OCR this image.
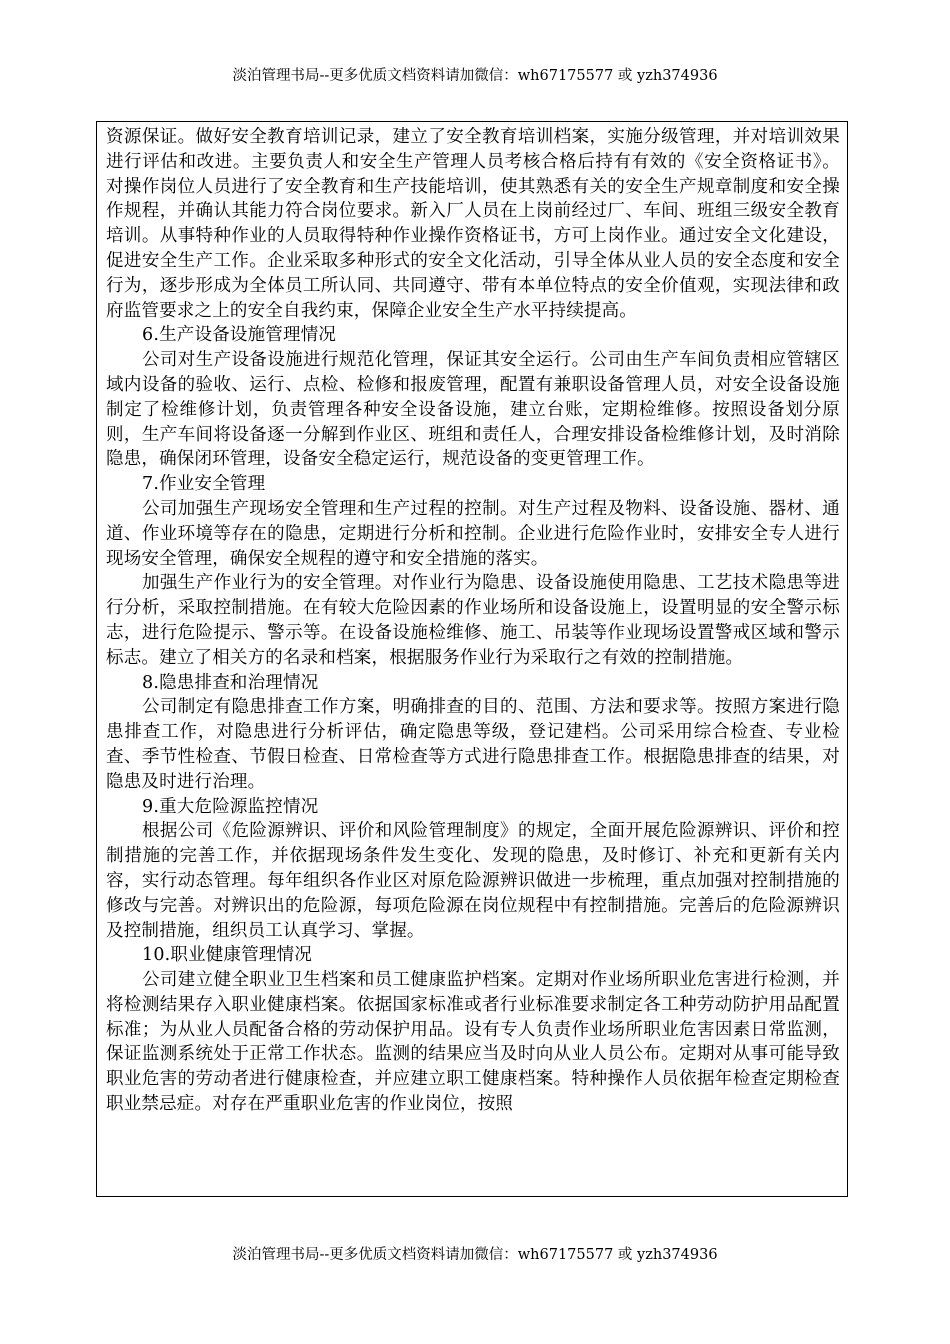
淡泊管理书局--更多优质文档资料请加微信：wh67175577 或 yzh374936

资源保证。做好安全教育培训记录，建立了安全教育培训档案，实施分级管理，并对培训效果进行评估和改进。主要负责人和安全生产管理人员考核合格后持有有效的《安全资格证书》。对操作岗位人员进行了安全教育和生产技能培训，使其熟悉有关的安全生产规章制度和安全操作规程，并确认其能力符合岗位要求。新入厂人员在上岗前经过厂、车间、班组三级安全教育培训。从事特种作业的人员取得特种作业操作资格证书，方可上岗作业。通过安全文化建设，促进安全生产工作。企业采取多种形式的安全文化活动，引导全体从业人员的安全态度和安全行为，逐步形成为全体员工所认同、共同遵守、带有本单位特点的安全价值观，实现法律和政府监管要求之上的安全自我约束，保障企业安全生产水平持续提高。

6.生产设备设施管理情况

公司对生产设备设施进行规范化管理，保证其安全运行。公司由生产车间负责相应管辖区域内设备的验收、运行、点检、检修和报废管理，配置有兼职设备管理人员，对安全设备设施制定了检维修计划，负责管理各种安全设备设施，建立台账，定期检维修。按照设备划分原则，生产车间将设备逐一分解到作业区、班组和责任人，合理安排设备检维修计划，及时消除隐患，确保闭环管理，设备安全稳定运行，规范设备的变更管理工作。

7.作业安全管理

公司加强生产现场安全管理和生产过程的控制。对生产过程及物料、设备设施、器材、通道、作业环境等存在的隐患，定期进行分析和控制。企业进行危险作业时，安排安全专人进行现场安全管理，确保安全规程的遵守和安全措施的落实。

加强生产作业行为的安全管理。对作业行为隐患、设备设施使用隐患、工艺技术隐患等进行分析，采取控制措施。在有较大危险因素的作业场所和设备设施上，设置明显的安全警示标志，进行危险提示、警示等。在设备设施检维修、施工、吊装等作业现场设置警戒区域和警示标志。建立了相关方的名录和档案，根据服务作业行为采取行之有效的控制措施。

8.隐患排查和治理情况

公司制定有隐患排查工作方案，明确排查的目的、范围、方法和要求等。按照方案进行隐患排查工作，对隐患进行分析评估，确定隐患等级，登记建档。公司采用综合检查、专业检查、季节性检查、节假日检查、日常检查等方式进行隐患排查工作。根据隐患排查的结果，对隐患及时进行治理。

9.重大危险源监控情况

根据公司《危险源辨识、评价和风险管理制度》的规定，全面开展危险源辨识、评价和控制措施的完善工作，并依据现场条件发生变化、发现的隐患，及时修订、补充和更新有关内容，实行动态管理。每年组织各作业区对原危险源辨识做进一步梳理，重点加强对控制措施的修改与完善。对辨识出的危险源，每项危险源在岗位规程中有控制措施。完善后的危险源辨识及控制措施，组织员工认真学习、掌握。

10.职业健康管理情况

公司建立健全职业卫生档案和员工健康监护档案。定期对作业场所职业危害进行检测，并将检测结果存入职业健康档案。依据国家标准或者行业标准要求制定各工种劳动防护用品配置标准；为从业人员配备合格的劳动保护用品。设有专人负责作业场所职业危害因素日常监测，保证监测系统处于正常工作状态。监测的结果应当及时向从业人员公布。定期对从事可能导致职业危害的劳动者进行健康检查，并应建立职工健康档案。特种操作人员依据年检查定期检查职业禁忌症。对存在严重职业危害的作业岗位，按照

淡泊管理书局--更多优质文档资料请加微信：wh67175577 或 yzh374936
